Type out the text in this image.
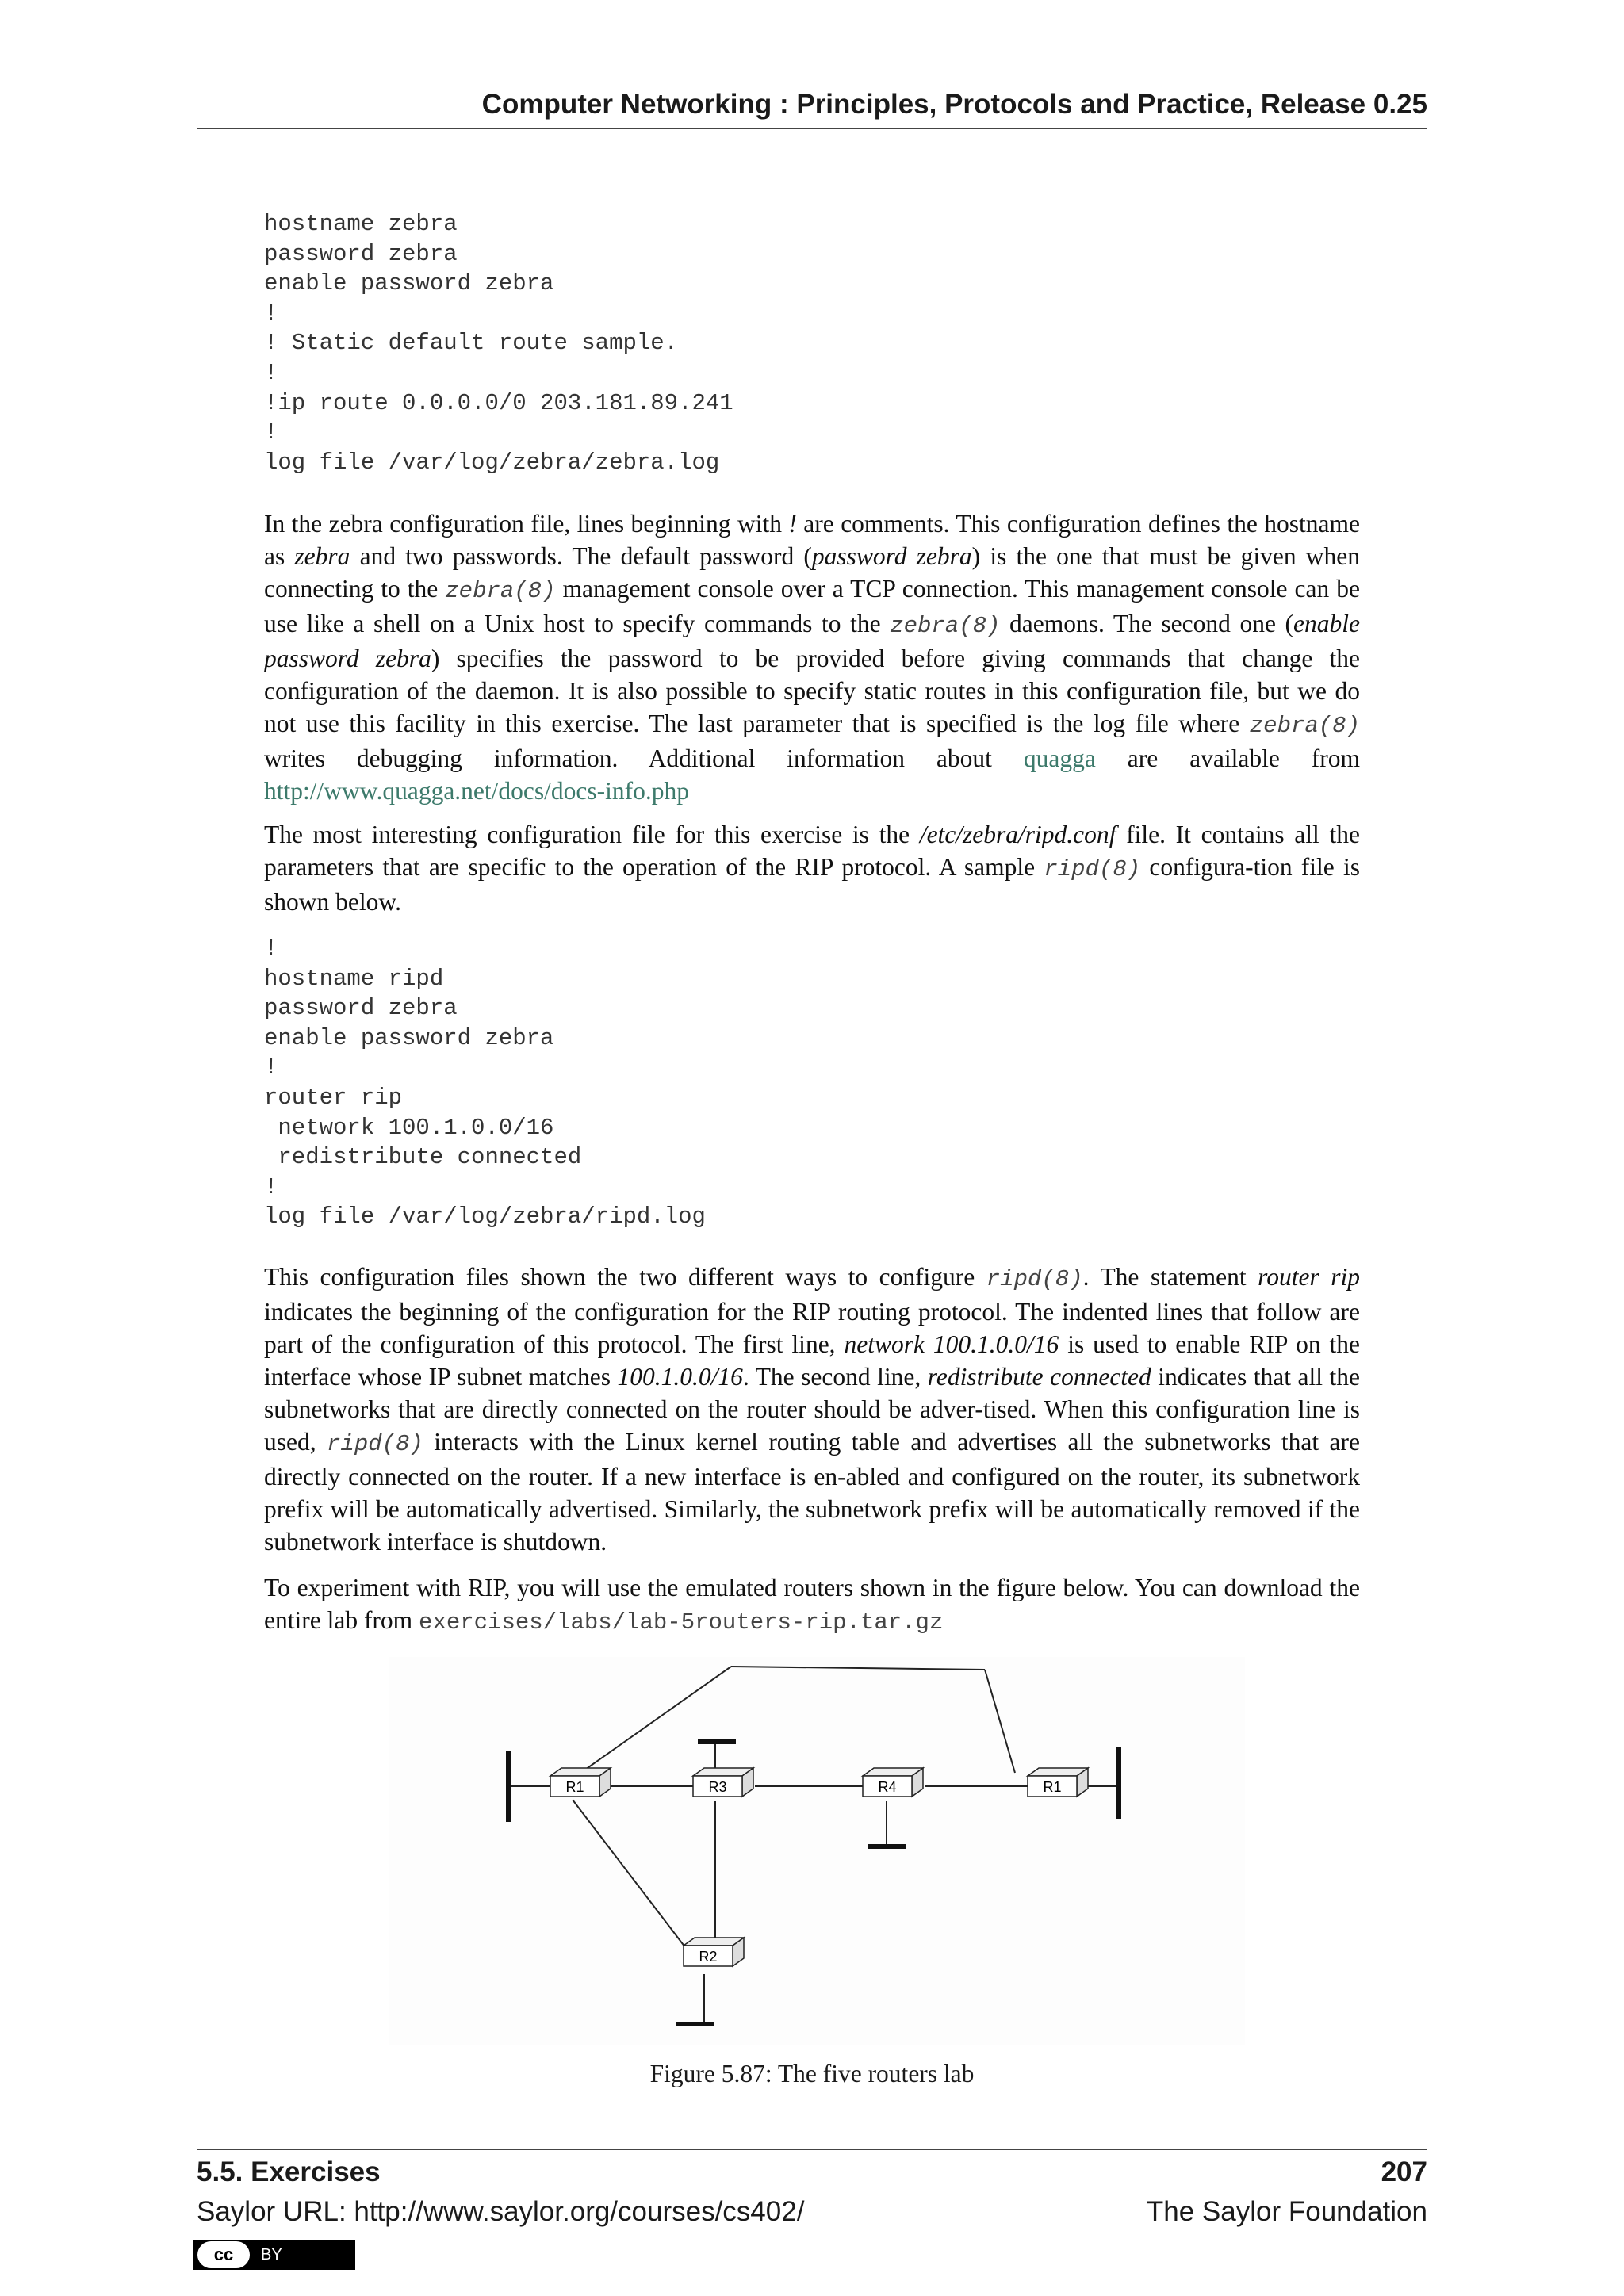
Computer Networking : Principles, Protocols and Practice, Release 0.25
hostname zebra
password zebra
enable password zebra
!
! Static default route sample.
!
!ip route 0.0.0.0/0 203.181.89.241
!
log file /var/log/zebra/zebra.log

In the zebra configuration file, lines beginning with ! are comments. This configuration defines the hostname as zebra and two passwords. The default password (password zebra) is the one that must be given when connecting to the zebra(8) management console over a TCP connection. This management console can be use like a shell on a Unix host to specify commands to the zebra(8) daemons. The second one (enable password zebra) specifies the password to be provided before giving commands that change the configuration of the daemon. It is also possible to specify static routes in this configuration file, but we do not use this facility in this exercise. The last parameter that is specified is the log file where zebra(8) writes debugging information. Additional information about quagga are available from http://www.quagga.net/docs/docs-info.php

The most interesting configuration file for this exercise is the /etc/zebra/ripd.conf file. It contains all the parameters that are specific to the operation of the RIP protocol. A sample ripd(8) configura-tion file is shown below.

!
hostname ripd
password zebra
enable password zebra
!
router rip
network 100.1.0.0/16
redistribute connected
!
log file /var/log/zebra/ripd.log

This configuration files shown the two different ways to configure ripd(8). The statement router rip indicates the beginning of the configuration for the RIP routing protocol. The indented lines that follow are part of the configuration of this protocol. The first line, network 100.1.0.0/16 is used to enable RIP on the interface whose IP subnet matches 100.1.0.0/16. The second line, redistribute connected indicates that all the subnetworks that are directly connected on the router should be adver-tised. When this configuration line is used, ripd(8) interacts with the Linux kernel routing table and advertises all the subnetworks that are directly connected on the router. If a new interface is en-abled and configured on the router, its subnetwork prefix will be automatically advertised. Similarly, the subnetwork prefix will be automatically removed if the subnetwork interface is shutdown.

To experiment with RIP, you will use the emulated routers shown in the figure below. You can download the entire lab from exercises/labs/lab-5routers-rip.tar.gz

R1	R3	R4	R1
R2
Figure 5.87: The five routers lab
5.5. Exercises	207
Saylor URL: http://www.saylor.org/courses/cs402/	The Saylor Foundation
cc	BY
